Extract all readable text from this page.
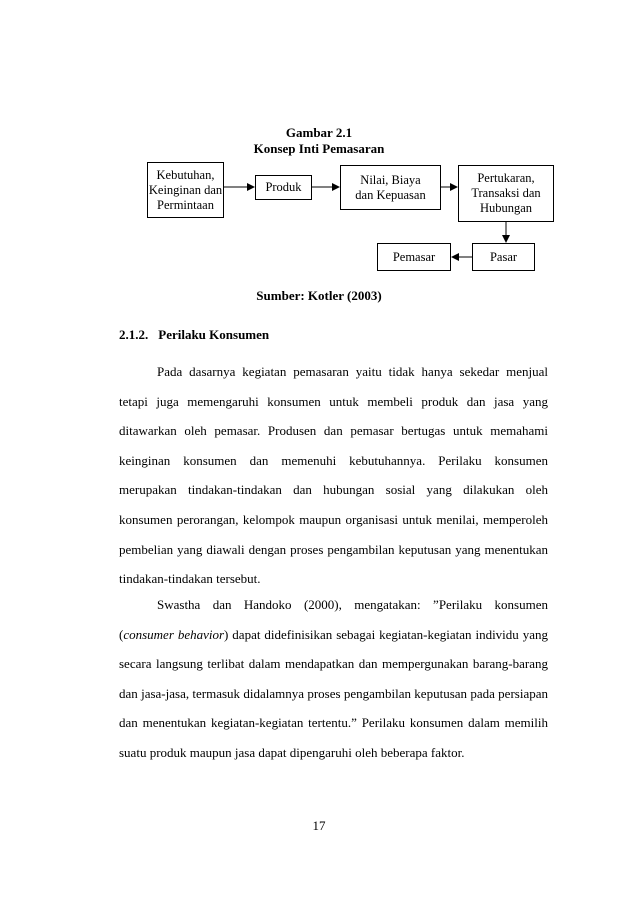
Gambar 2.1
Konsep Inti Pemasaran
Kebutuhan,
Keinginan dan
Permintaan
Produk
Nilai, Biaya
dan Kepuasan
Pertukaran,
Transaksi dan
Hubungan
Pasar
Pemasar
Sumber: Kotler (2003)
2.1.2. Perilaku Konsumen

Pada dasarnya kegiatan pemasaran yaitu tidak hanya sekedar menjual tetapi juga memengaruhi konsumen untuk membeli produk dan jasa yang ditawarkan oleh pemasar. Produsen dan pemasar bertugas untuk memahami keinginan konsumen dan memenuhi kebutuhannya. Perilaku konsumen merupakan tindakan-tindakan dan hubungan sosial yang dilakukan oleh konsumen perorangan, kelompok maupun organisasi untuk menilai, memperoleh pembelian yang diawali dengan proses pengambilan keputusan yang menentukan tindakan-tindakan tersebut.

Swastha dan Handoko (2000), mengatakan: ”Perilaku konsumen (consumer behavior) dapat didefinisikan sebagai kegiatan-kegiatan individu yang secara langsung terlibat dalam mendapatkan dan mempergunakan barang-barang dan jasa-jasa, termasuk didalamnya proses pengambilan keputusan pada persiapan dan menentukan kegiatan-kegiatan tertentu.” Perilaku konsumen dalam memilih suatu produk maupun jasa dapat dipengaruhi oleh beberapa faktor.

17
